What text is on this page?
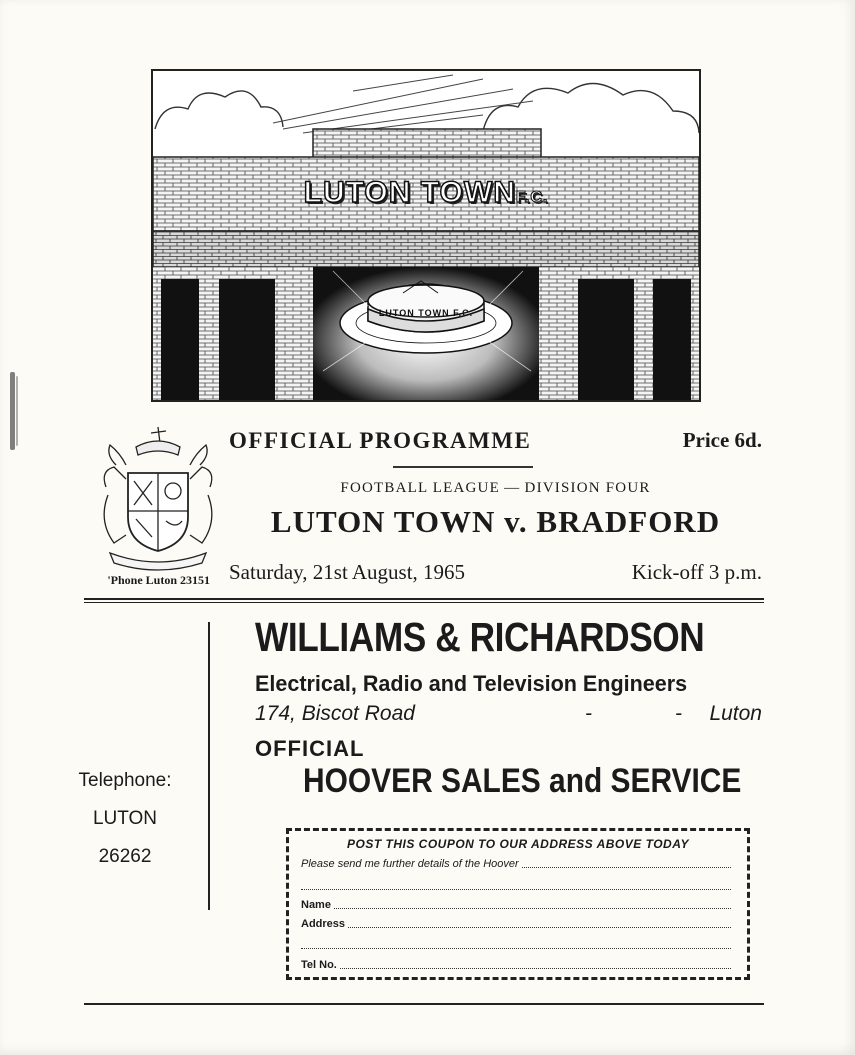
LUTON TOWNF.C.
LUTON TOWN F.C.
'Phone Luton 23151
OFFICIAL PROGRAMME	Price 6d.
FOOTBALL LEAGUE — DIVISION FOUR
LUTON TOWN v. BRADFORD
Saturday, 21st August, 1965	Kick-off 3 p.m.
Telephone:
LUTON
26262
WILLIAMS & RICHARDSON
Electrical, Radio and Television Engineers
174, Biscot Road	-	- Luton
OFFICIAL
HOOVER SALES and SERVICE
POST THIS COUPON TO OUR ADDRESS ABOVE TODAY
Please send me further details of the Hoover
Name
Address
Tel No.
